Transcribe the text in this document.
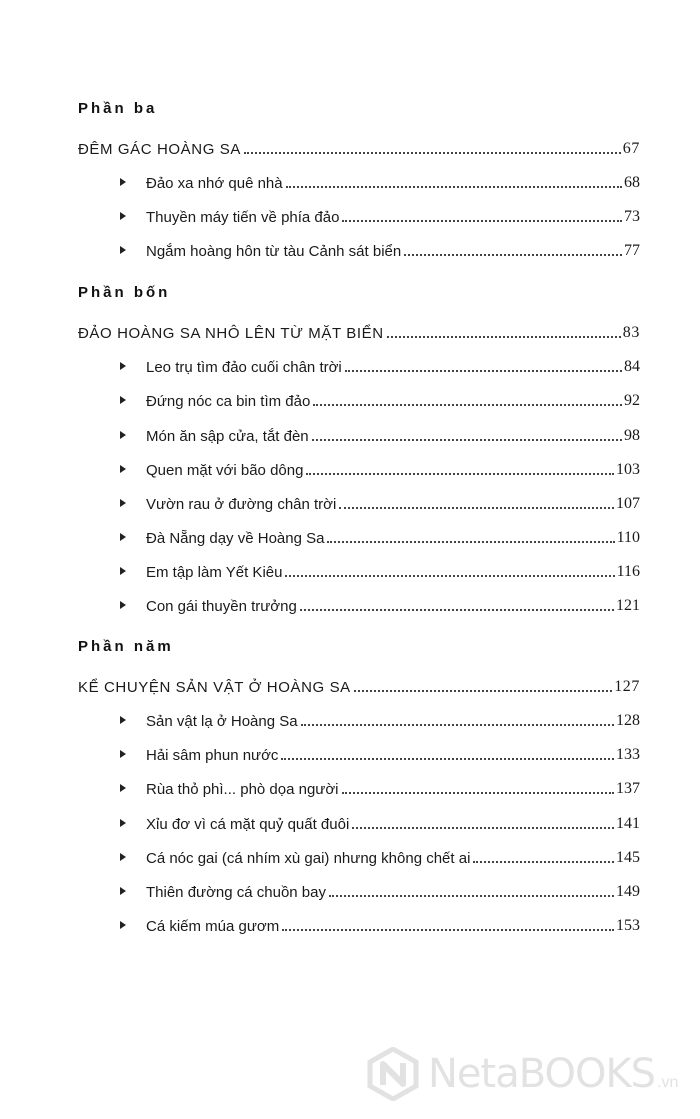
Phần ba
ĐÊM GÁC HOÀNG SA	67
Đảo xa nhớ quê nhà	68
Thuyền máy tiến về phía đảo	73
Ngắm hoàng hôn từ tàu Cảnh sát biển	77
Phần bốn
ĐẢO HOÀNG SA NHÔ LÊN TỪ MẶT BIỂN	83
Leo trụ tìm đảo cuối chân trời	84
Đứng nóc ca bin tìm đảo	92
Món ăn sập cửa, tắt đèn	98
Quen mặt với bão dông	103
Vườn rau ở đường chân trời	107
Đà Nẵng dạy về Hoàng Sa	110
Em tập làm Yết Kiêu	116
Con gái thuyền trưởng	121
Phần năm
KỂ CHUYỆN SẢN VẬT Ở HOÀNG SA	127
Sản vật lạ ở Hoàng Sa	128
Hải sâm phun nước	133
Rùa thỏ phì... phò dọa người	137
Xỉu đơ vì cá mặt quỷ quất đuôi	141
Cá nóc gai (cá nhím xù gai) nhưng không chết ai	145
Thiên đường cá chuồn bay	149
Cá kiếm múa gươm	153
NetaBOOKS .vn
